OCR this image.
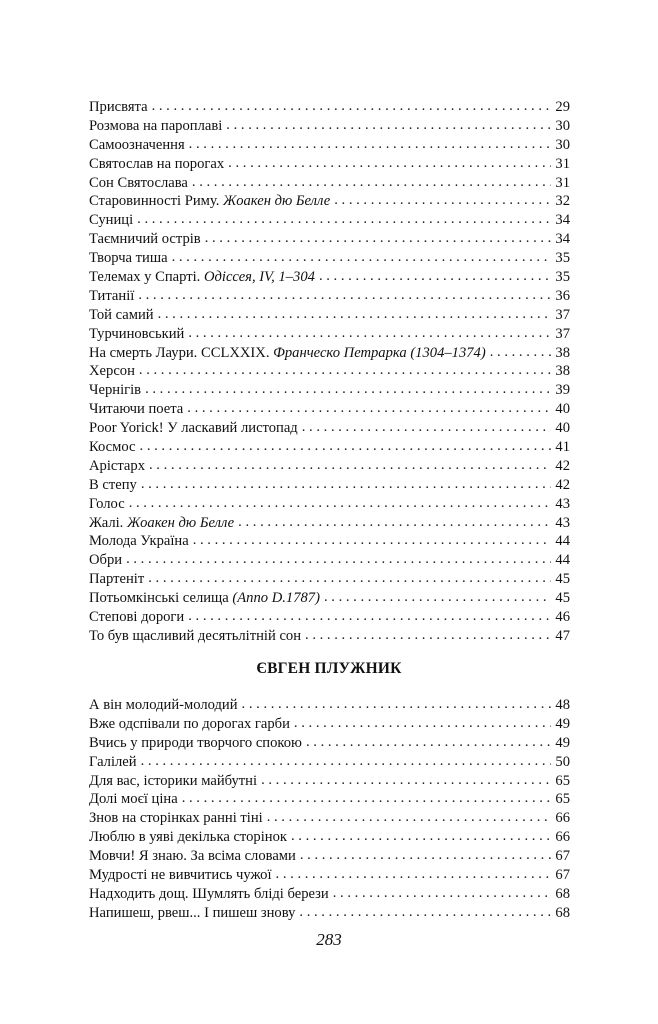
Присвята . . .	29
Розмова на пароплаві . . .	30
Самоозначення . . .	30
Святослав на порогах . . .	31
Сон Святослава . . .	31
Старовинності Риму. Жоакен дю Белле . . .	32
Суниці . . .	34
Таємничий острів . . .	34
Творча тиша . . .	35
Телемах у Спарті. Одіссея, IV, 1–304 . . .	35
Титанії . . .	36
Той самий . . .	37
Турчиновський . . .	37
На смерть Лаури. CCLXXIX. Франческо Петрарка (1304–1374) . . .	38
Херсон . . .	38
Чернігів . . .	39
Читаючи поета . . .	40
Poor Yorick! У ласкавий листопад . . .	40
Космос . . .	41
Арістарх . . .	42
В степу . . .	42
Голос . . .	43
Жалі. Жоакен дю Белле . . .	43
Молода Україна . . .	44
Обри . . .	44
Партеніт . . .	45
Потьомкінські селища (Anno D.1787) . . .	45
Степові дороги . . .	46
То був щасливий десятьлітній сон . . .	47
ЄВГЕН ПЛУЖНИК
А він молодий-молодий . . .	48
Вже одспівали по дорогах гарби . . .	49
Вчись у природи творчого спокою . . .	49
Галілей . . .	50
Для вас, історики майбутні . . .	65
Долі моєї ціна . . .	65
Знов на сторінках ранні тіні . . .	66
Люблю в уяві декілька сторінок . . .	66
Мовчи! Я знаю. За всіма словами . . .	67
Мудрості не вивчитись чужої . . .	67
Надходить дощ. Шумлять бліді берези . . .	68
Напишеш, рвеш... І пишеш знову . . .	68
283
